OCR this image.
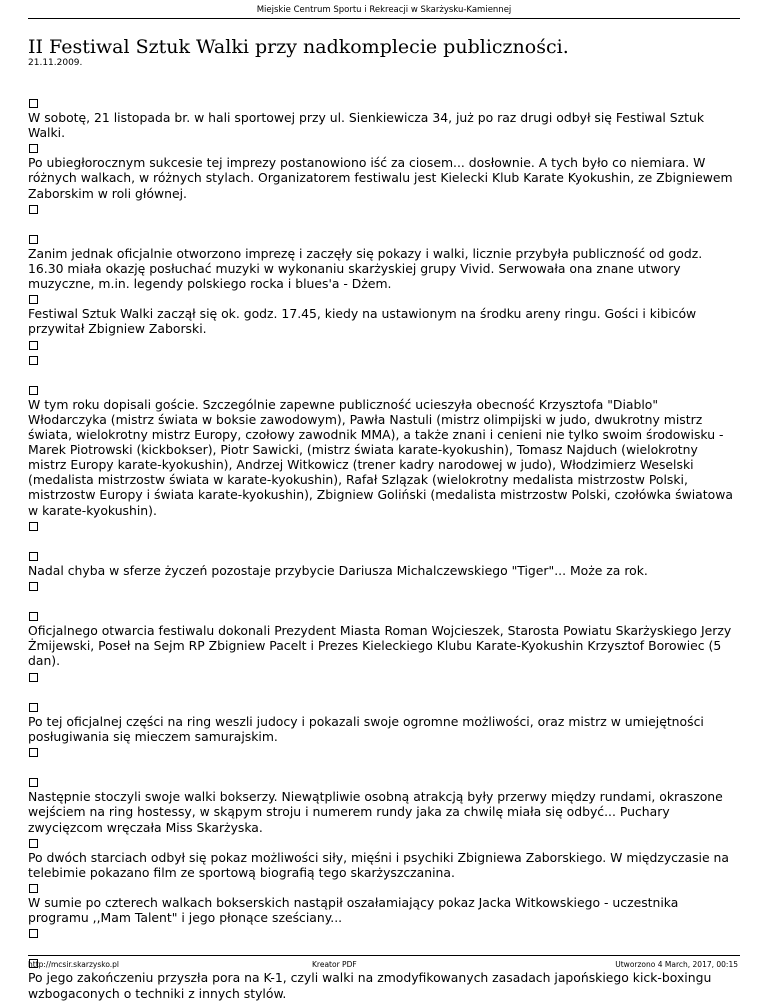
Miejskie Centrum Sportu i Rekreacji w Skarżysku-Kamiennej
II Festiwal Sztuk Walki przy nadkomplecie publiczności.
21.11.2009.

W sobotę, 21 listopada br. w hali sportowej przy ul. Sienkiewicza 34, już po raz drugi odbył się Festiwal Sztuk Walki.

Po ubiegłorocznym sukcesie tej imprezy postanowiono iść za ciosem... dosłownie. A tych było co niemiara. W różnych walkach, w różnych stylach. Organizatorem festiwalu jest Kielecki Klub Karate Kyokushin, ze Zbigniewem Zaborskim w roli głównej.

Zanim jednak oficjalnie otworzono imprezę i zaczęły się pokazy i walki, licznie przybyła publiczność od godz. 16.30 miała okazję posłuchać muzyki w wykonaniu skarżyskiej grupy Vivid. Serwowała ona znane utwory muzyczne, m.in. legendy polskiego rocka i blues'a - Dżem.

Festiwal Sztuk Walki zaczął się ok. godz. 17.45, kiedy na ustawionym na środku areny ringu. Gości i kibiców przywitał Zbigniew Zaborski.

W tym roku dopisali goście. Szczególnie zapewne publiczność ucieszyła obecność Krzysztofa "Diablo" Włodarczyka (mistrz świata w boksie zawodowym), Pawła Nastuli (mistrz olimpijski w judo, dwukrotny mistrz świata, wielokrotny mistrz Europy, czołowy zawodnik MMA), a także znani i cenieni nie tylko swoim środowisku - Marek Piotrowski (kickbokser), Piotr Sawicki, (mistrz świata karate-kyokushin), Tomasz Najduch (wielokrotny mistrz Europy karate-kyokushin), Andrzej Witkowicz (trener kadry narodowej w judo), Włodzimierz Weselski (medalista mistrzostw świata w karate-kyokushin), Rafał Szlązak (wielokrotny medalista mistrzostw Polski, mistrzostw Europy i świata karate-kyokushin), Zbigniew Goliński (medalista mistrzostw Polski, czołówka światowa w karate-kyokushin).

Nadal chyba w sferze życzeń pozostaje przybycie Dariusza Michalczewskiego "Tiger"... Może za rok.

Oficjalnego otwarcia festiwalu dokonali Prezydent Miasta Roman Wojcieszek, Starosta Powiatu Skarżyskiego Jerzy Żmijewski, Poseł na Sejm RP Zbigniew Pacelt i Prezes Kieleckiego Klubu Karate-Kyokushin Krzysztof Borowiec (5 dan).

Po tej oficjalnej części na ring weszli judocy i pokazali swoje ogromne możliwości, oraz mistrz w umiejętności posługiwania się mieczem samurajskim.

Następnie stoczyli swoje walki bokserzy. Niewątpliwie osobną atrakcją były przerwy między rundami, okraszone wejściem na ring hostessy, w skąpym stroju i numerem rundy jaka za chwilę miała się odbyć... Puchary zwycięzcom wręczała Miss Skarżyska.

Po dwóch starciach odbył się pokaz możliwości siły, mięśni i psychiki Zbigniewa Zaborskiego. W międzyczasie na telebimie pokazano film ze sportową biografią tego skarżyszczanina.

W sumie po czterech walkach bokserskich nastąpił oszałamiający pokaz Jacka Witkowskiego - uczestnika programu ,,Mam Talent" i jego płonące sześciany...

Po jego zakończeniu przyszła pora na K-1, czyli walki na zmodyfikowanych zasadach japońskiego kick-boxingu wzbogaconych o techniki z innych stylów.

http://mcsir.skarzysko.pl	Kreator PDF	Utworzono 4 March, 2017, 00:15
